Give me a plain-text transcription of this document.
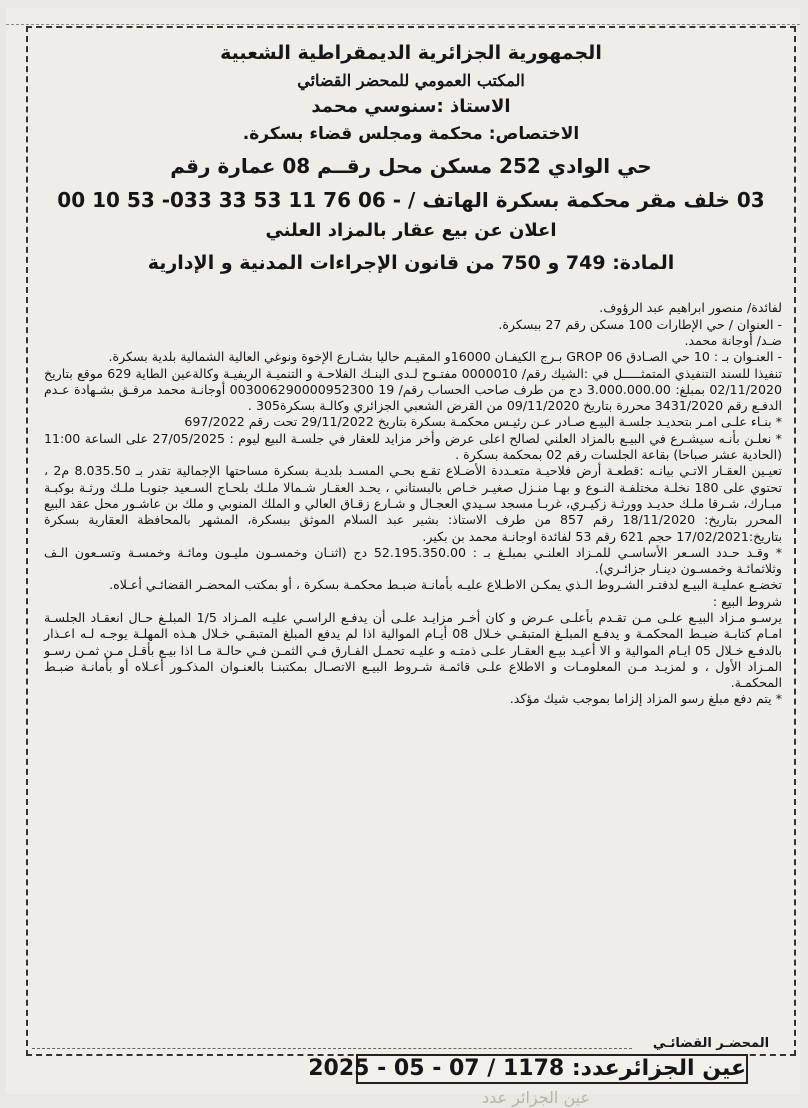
الجمهورية الجزائرية الديمقراطية الشعبية

المكتب العمومي للمحضر القضائي

الاستاذ :سنوسي محمد

الاختصاص: محكمة ومجلس قضاء بسكرة.

حي الوادي 252 مسكن محل رقــم 08 عمارة رقم

03 خلف مقر محكمة بسكرة الهاتف / - 06 76 11 53 33 033- 53 10 00

اعلان عن بيع عقار بالمزاد العلني

المادة: 749 و 750 من قانون الإجراءات المدنية و الإدارية

لفائدة/ منصور ابراهيم عبد الرؤوف.

- العنوان / حي الإطارات 100 مسكن رقم 27 ببسكرة.

ضـد/ أوجانة محمد.

- العنـوان بـ : 10 حي الصـادق GROP 06 بـرج الكيفـان 16000و المقيـم حاليا بشـارع الإخوة ونوغي العالية الشمالية بلدية بسكرة.

تنفيذا للسند التنفيذي المتمثـــــل في :الشيك رقم/ 0000010 مفتـوح لـدى البنـك الفلاحـة و التنميـة الريفيـة وكالةعين الطاية 629 موقع بتاريخ 02/11/2020 بمبلغ: 3.000.000.00 دج من طرف صاحب الحساب رقم/ 19 003006290000952300 أوجانـة محمد مرفـق بشـهادة عـدم الدفـع رقم 3431/2020 محررة بتاريخ 09/11/2020 من القرض الشعبي الجزائري وكالـة بسكرة305 .

* بنـاء علـى امـر بتحديـد جلسـة البيـع صـادر عـن رئيـس محكمـة بسكرة بتاريخ 29/11/2022 تحت رقم 697/2022

* نعلـن بأنـه سيشـرع في البيـع بالمزاد العلني لصالح اعلى عرض وأخر مزايد للعقار في جلسـة البيع ليوم : 27/05/2025 على الساعة 11:00 (الحادية عشر صباحا) بقاعة الجلسات رقم 02 بمحكمة بسكرة .

تعيـين العقـار الاتـي بيانـه :قطعـة أرض فلاحيـة متعـددة الأضـلاع تقـع بحـي المسـد بلديـة بسكرة مساحتها الإجمالية تقدر بـ 8.035.50 م2 ، تحتوي على 180 نخلـة مختلفـة النـوع و بهـا منـزل صغيـر خـاص بالبستاني ، يحـد العقـار شـمالا ملـك بلحـاج السـعيد جنوبـا ملـك ورثـة بوكبـة مبـارك، شـرقا ملـك حديـد وورثـة زكيـري، غربـا مسجد سـيدي العجـال و شـارع زقـاق العالي و الملك المنوبي و ملك بن عاشـور محل عقد البيع المحرر بتاريخ: 18/11/2020 رقم 857 من طرف الاستاذ: بشير عبد السلام الموثق ببسكرة، المشهر بالمحافظة العقارية بسكرة بتاريخ:17/02/2021 حجم 621 رقم 53 لفائدة اوجانـة محمد بن بكير.

* وقـد حـدد السـعر الأساسـي للمـزاد العلنـي بمبلـغ بـ : 52.195.350.00 دج (اثنـان وخمسـون مليـون ومائـة وخمسـة وتسـعون الـف وثلاثمائـة وخمسـون دينـار جزائـري).

تخضـع عمليـة البيـع لدفتـر الشـروط الـذي يمكـن الاطـلاع عليـه بأمانـة ضبـط محكمـة بسكرة ، أو بمكتب المحضـر القضائـي أعـلاه.

شروط البيع :

يرسـو مـزاد البيـع علـى مـن تقـدم بأعلـى عـرض و كان أخـر مزايـد علـى أن يدفـع الراسـي عليـه المـزاد 1/5 المبلـغ حـال انعقـاد الجلسـة امـام كتابـة ضبـط المحكمـة و يدفـع المبلـغ المتبقـي خـلال 08 أيـام الموالية اذا لم يدفع المبلغ المتبقـي خـلال هـذه المهلـة يوجـه لـه اعـذار بالدفـع خـلال 05 ايـام الموالية و الا أعيـد بيـع العقـار علـى ذمتـه و عليـه تحمـل الفـارق فـي الثمـن فـي حالـة مـا اذا بيـع بأقـل مـن ثمـن رسـو المـزاد الأول ، و لمزيـد مـن المعلومـات و الاطلاع علـى قائمـة شـروط البيـع الاتصـال بمكتبنـا بالعنـوان المذكـور أعـلاه أو بأمانـة ضبـط المحكمـة.

* يتم دفع مبلغ رسو المزاد إلزاما بموجب شيك مؤكد.

المحضـر القضائـي
عين الجزائرعدد: 1178 / 07 - 05 - 2025
عين الجزائر عدد
